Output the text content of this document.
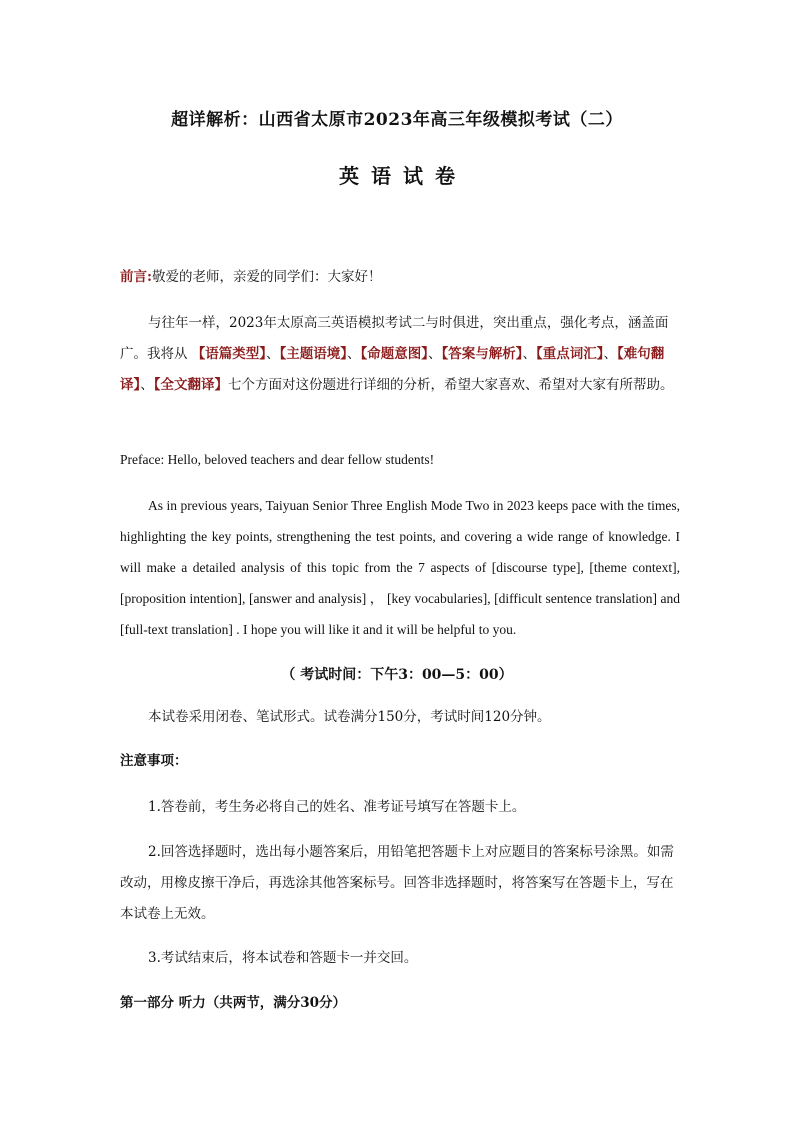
超详解析：山西省太原市2023年高三年级模拟考试（二）
英语试卷

前言:敬爱的老师，亲爱的同学们：大家好！

与往年一样，2023年太原高三英语模拟考试二与时俱进，突出重点，强化考点，涵盖面广。我将从 【语篇类型】、【主题语境】、【命题意图】、【答案与解析】、【重点词汇】、【难句翻译】、【全文翻译】七个方面对这份题进行详细的分析，希望大家喜欢、希望对大家有所帮助。

Preface: Hello, beloved teachers and dear fellow students!

As in previous years, Taiyuan Senior Three English Mode Two in 2023 keeps pace with the times, highlighting the key points, strengthening the test points, and covering a wide range of knowledge. I will make a detailed analysis of this topic from the 7 aspects of [discourse type], [theme context], [proposition intention], [answer and analysis] ， [key vocabularies], [difficult sentence translation] and [full-text translation] . I hope you will like it and it will be helpful to you.

（ 考试时间：下午3：00—5：00）

本试卷采用闭卷、笔试形式。试卷满分150分，考试时间120分钟。

注意事项：

1.答卷前，考生务必将自己的姓名、准考证号填写在答题卡上。

2.回答选择题时，选出每小题答案后，用铅笔把答题卡上对应题目的答案标号涂黑。如需改动，用橡皮擦干净后，再选涂其他答案标号。回答非选择题时，将答案写在答题卡上，写在本试卷上无效。

3.考试结束后，将本试卷和答题卡一并交回。

第一部分 听力（共两节，满分30分）
